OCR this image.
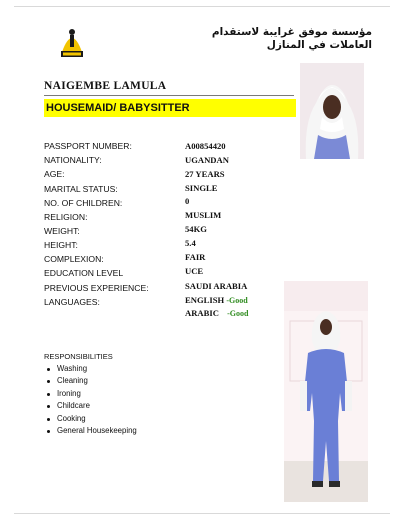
مؤسسة موفق غرايبة لاستقدام العاملات في المنازل
NAIGEMBE LAMULA
HOUSEMAID/ BABYSITTER
PASSPORT NUMBER:	A00854420
NATIONALITY:	UGANDAN
AGE:	27 YEARS
MARITAL STATUS:	SINGLE
NO. OF CHILDREN:	0
RELIGION:	MUSLIM
WEIGHT:	54KG
HEIGHT:	5.4
COMPLEXION:	FAIR
EDUCATION LEVEL	UCE
PREVIOUS EXPERIENCE:	SAUDI ARABIA
LANGUAGES:	ENGLISH -Good
ARABIC -Good
RESPONSIBILITIES
Washing
Cleaning
Ironing
Childcare
Cooking
General Housekeeping
